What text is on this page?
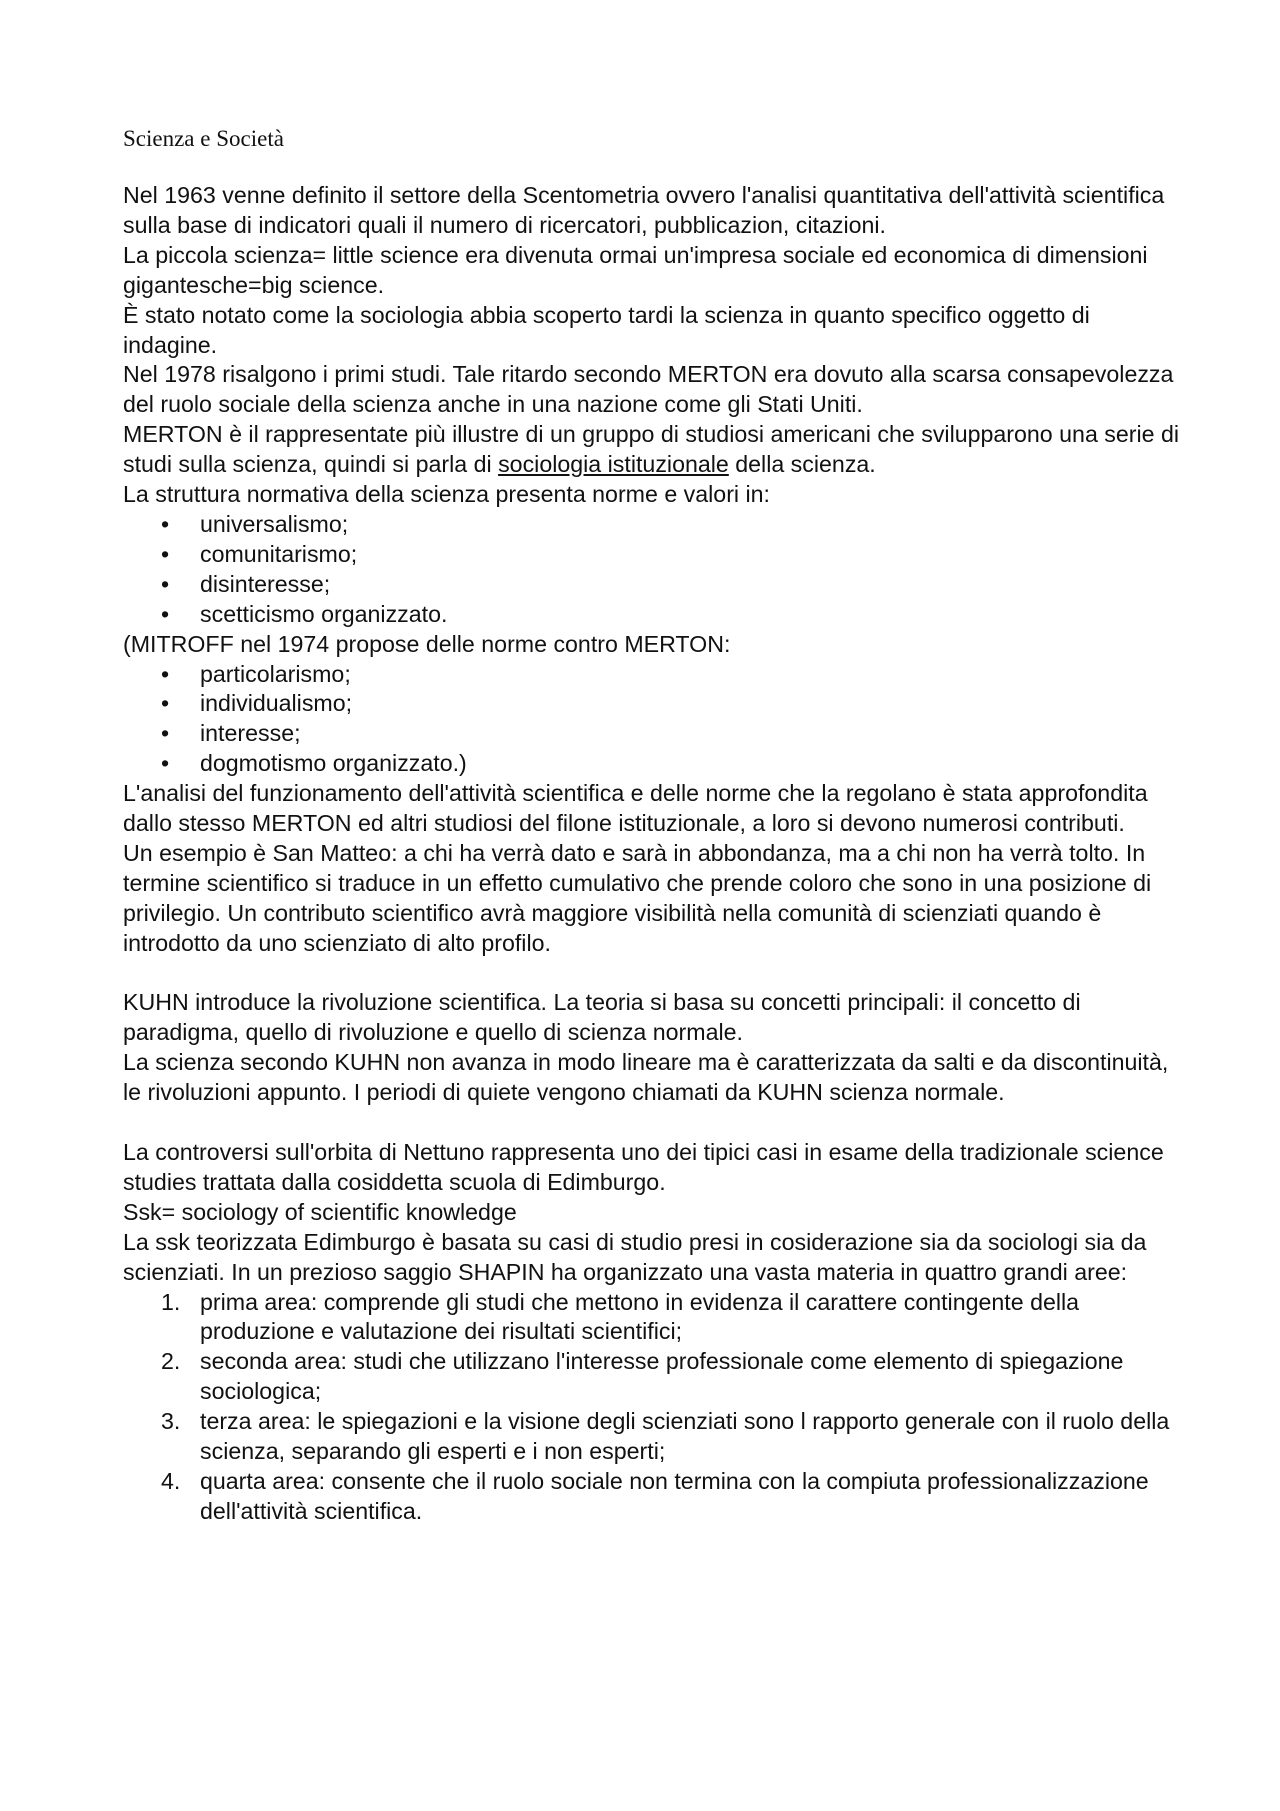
Scienza e Società

Nel 1963 venne definito il settore della Scentometria ovvero l'analisi quantitativa dell'attività scientifica sulla base di indicatori quali il numero di ricercatori, pubblicazion, citazioni.

La piccola scienza= little science era divenuta ormai un'impresa sociale ed economica di dimensioni gigantesche=big science.

È stato notato come la sociologia abbia scoperto tardi la scienza in quanto specifico oggetto di indagine.

Nel 1978 risalgono i primi studi. Tale ritardo secondo MERTON era dovuto alla scarsa consapevolezza del ruolo sociale della scienza anche in una nazione come gli Stati Uniti.

MERTON è il rappresentate più illustre di un gruppo di studiosi americani che svilupparono una serie di studi sulla scienza, quindi si parla di sociologia istituzionale della scienza.

La struttura normativa della scienza presenta norme e valori in:

• universalismo;
• comunitarismo;
• disinteresse;
• scetticismo organizzato.

(MITROFF nel 1974 propose delle norme contro MERTON:

• particolarismo;
• individualismo;
• interesse;
• dogmotismo organizzato.)

L'analisi del funzionamento dell'attività scientifica e delle norme che la regolano è stata approfondita dallo stesso MERTON ed altri studiosi del filone istituzionale, a loro si devono numerosi contributi.

Un esempio è San Matteo: a chi ha verrà dato e sarà in abbondanza, ma a chi non ha verrà tolto. In termine scientifico si traduce in un effetto cumulativo che prende coloro che sono in una posizione di privilegio. Un contributo scientifico avrà maggiore visibilità nella comunità di scienziati quando è introdotto da uno scienziato di alto profilo.

KUHN introduce la rivoluzione scientifica. La teoria si basa su concetti principali: il concetto di paradigma, quello di rivoluzione e quello di scienza normale.

La scienza secondo KUHN non avanza in modo lineare ma è caratterizzata da salti e da discontinuità, le rivoluzioni appunto. I periodi di quiete vengono chiamati da KUHN scienza normale.

La controversi sull'orbita di Nettuno rappresenta uno dei tipici casi in esame della tradizionale science studies trattata dalla cosiddetta scuola di Edimburgo.

Ssk= sociology of scientific knowledge

La ssk teorizzata Edimburgo è basata su casi di studio presi in cosiderazione sia da sociologi sia da scienziati. In un prezioso saggio SHAPIN ha organizzato una vasta materia in quattro grandi aree:

1. prima area: comprende gli studi che mettono in evidenza il carattere contingente della produzione e valutazione dei risultati scientifici;
2. seconda area: studi che utilizzano l'interesse professionale come elemento di spiegazione sociologica;
3. terza area: le spiegazioni e la visione degli scienziati sono l rapporto generale con il ruolo della scienza, separando gli esperti e i non esperti;
4. quarta area: consente che il ruolo sociale non termina con la compiuta professionalizzazione dell'attività scientifica.
